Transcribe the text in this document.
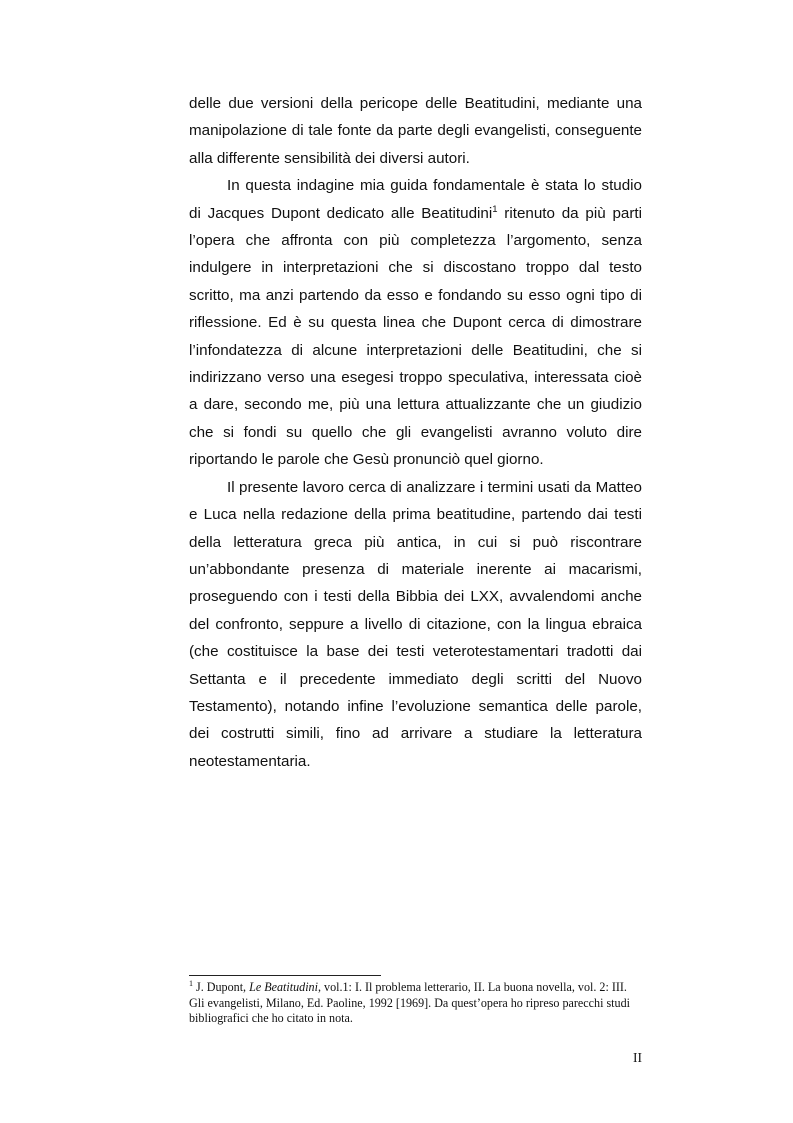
delle due versioni della pericope delle Beatitudini, mediante una manipolazione di tale fonte da parte degli evangelisti, conseguente alla differente sensibilità dei diversi autori.

In questa indagine mia guida fondamentale è stata lo studio di Jacques Dupont dedicato alle Beatitudini$^1$ ritenuto da più parti l’opera che affronta con più completezza l’argomento, senza indulgere in interpretazioni che si discostano troppo dal testo scritto, ma anzi partendo da esso e fondando su esso ogni tipo di riflessione. Ed è su questa linea che Dupont cerca di dimostrare l’infondatezza di alcune interpretazioni delle Beatitudini, che si indirizzano verso una esegesi troppo speculativa, interessata cioè a dare, secondo me, più una lettura attualizzante che un giudizio che si fondi su quello che gli evangelisti avranno voluto dire riportando le parole che Gesù pronunciò quel giorno.

Il presente lavoro cerca di analizzare i termini usati da Matteo e Luca nella redazione della prima beatitudine, partendo dai testi della letteratura greca più antica, in cui si può riscontrare un’abbondante presenza di materiale inerente ai macarismi, proseguendo con i testi della Bibbia dei LXX, avvalendomi anche del confronto, seppure a livello di citazione, con la lingua ebraica (che costituisce la base dei testi veterotestamentari tradotti dai Settanta e il precedente immediato degli scritti del Nuovo Testamento), notando infine l’evoluzione semantica delle parole, dei costrutti simili, fino ad arrivare a studiare la letteratura neotestamentaria.

$^1$ J. Dupont, Le Beatitudini, vol.1: I. Il problema letterario, II. La buona novella, vol. 2: III. Gli evangelisti, Milano, Ed. Paoline, 1992 [1969]. Da quest’opera ho ripreso parecchi studi bibliografici che ho citato in nota.
II
